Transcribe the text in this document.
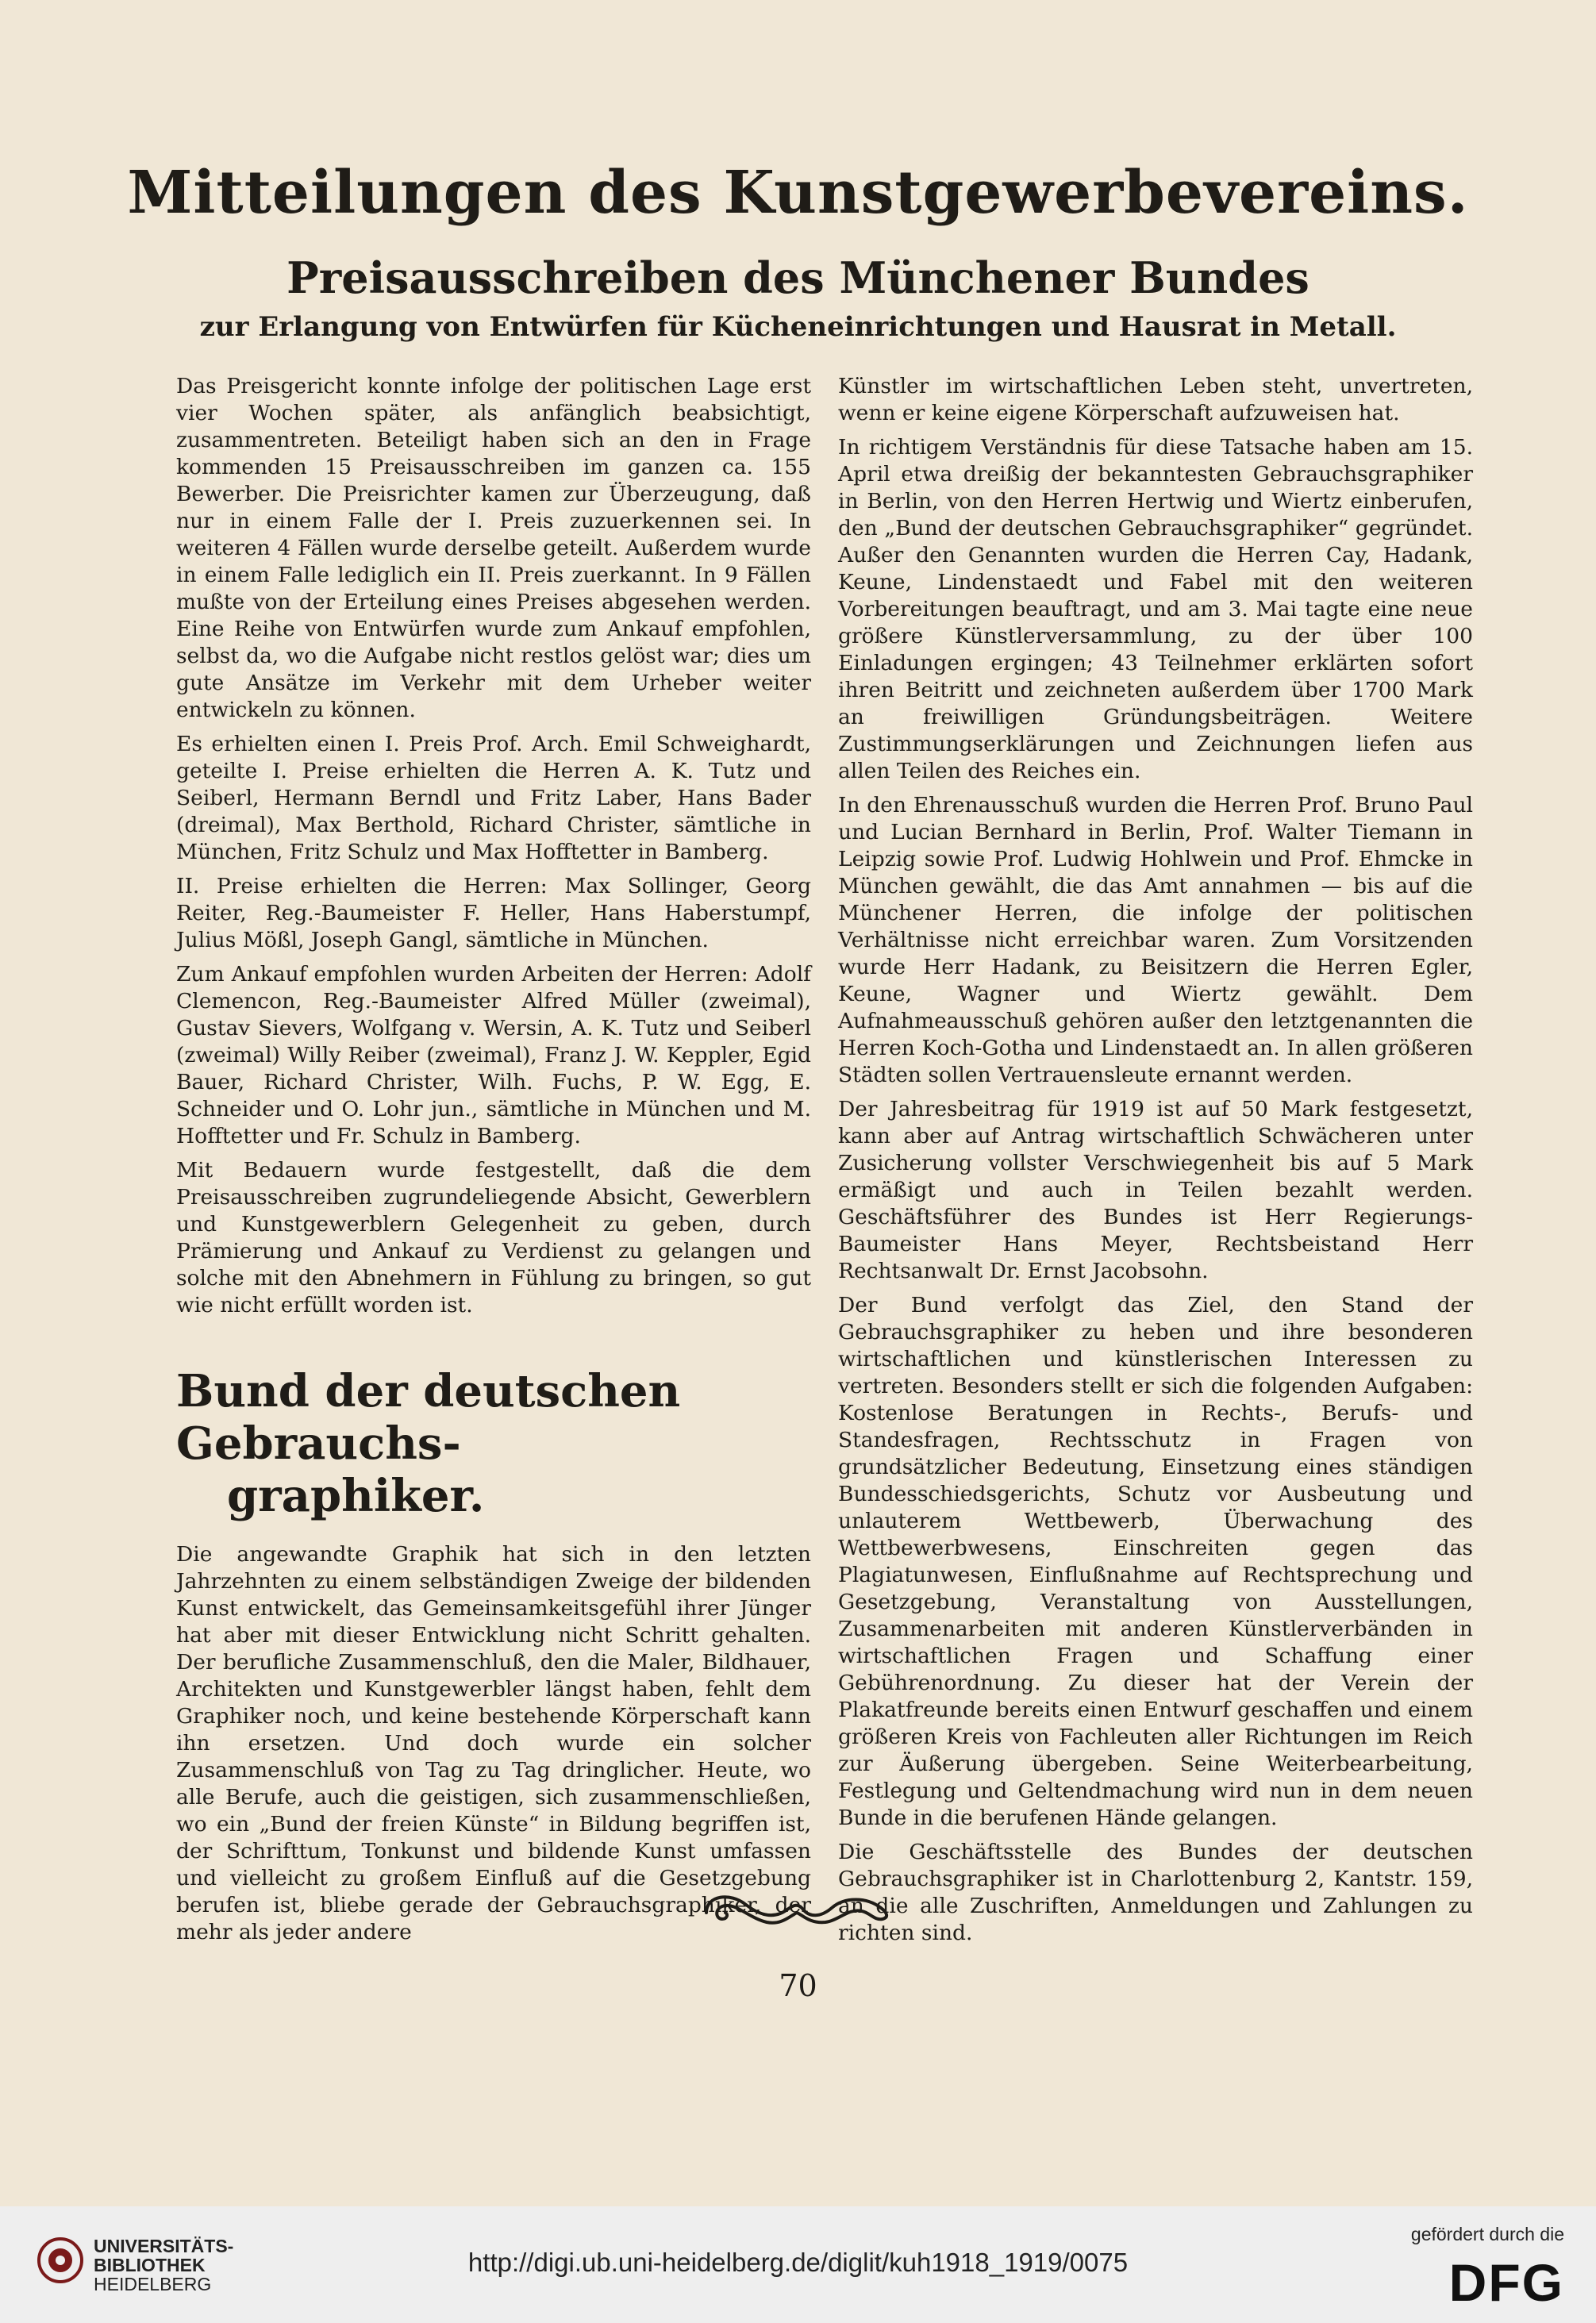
Mitteilungen des Kunstgewerbevereins.
Preisausschreiben des Münchener Bundes
zur Erlangung von Entwürfen für Kücheneinrichtungen und Hausrat in Metall.

Das Preisgericht konnte infolge der politischen Lage erst vier Wochen später, als anfänglich beabsichtigt, zusammentreten. Beteiligt haben sich an den in Frage kommenden 15 Preisausschreiben im ganzen ca. 155 Bewerber. Die Preisrichter kamen zur Überzeugung, daß nur in einem Falle der I. Preis zuzuerkennen sei. In weiteren 4 Fällen wurde derselbe geteilt. Außerdem wurde in einem Falle lediglich ein II. Preis zuerkannt. In 9 Fällen mußte von der Erteilung eines Preises abgesehen werden. Eine Reihe von Entwürfen wurde zum Ankauf empfohlen, selbst da, wo die Aufgabe nicht restlos gelöst war; dies um gute Ansätze im Verkehr mit dem Urheber weiter entwickeln zu können.

Es erhielten einen I. Preis Prof. Arch. Emil Schweighardt, geteilte I. Preise erhielten die Herren A. K. Tutz und Seiberl, Hermann Berndl und Fritz Laber, Hans Bader (dreimal), Max Berthold, Richard Christer, sämtliche in München, Fritz Schulz und Max Hofftetter in Bamberg.

II. Preise erhielten die Herren: Max Sollinger, Georg Reiter, Reg.-Baumeister F. Heller, Hans Haberstumpf, Julius Mößl, Joseph Gangl, sämtliche in München.

Zum Ankauf empfohlen wurden Arbeiten der Herren: Adolf Clemencon, Reg.-Baumeister Alfred Müller (zweimal), Gustav Sievers, Wolfgang v. Wersin, A. K. Tutz und Seiberl (zweimal) Willy Reiber (zweimal), Franz J. W. Keppler, Egid Bauer, Richard Christer, Wilh. Fuchs, P. W. Egg, E. Schneider und O. Lohr jun., sämtliche in München und M. Hofftetter und Fr. Schulz in Bamberg.

Mit Bedauern wurde festgestellt, daß die dem Preisausschreiben zugrundeliegende Absicht, Gewerblern und Kunstgewerblern Gelegenheit zu geben, durch Prämierung und Ankauf zu Verdienst zu gelangen und solche mit den Abnehmern in Fühlung zu bringen, so gut wie nicht erfüllt worden ist.

Bund der deutschen Gebrauchs-
graphiker.

Die angewandte Graphik hat sich in den letzten Jahrzehnten zu einem selbständigen Zweige der bildenden Kunst entwickelt, das Gemeinsamkeitsgefühl ihrer Jünger hat aber mit dieser Entwicklung nicht Schritt gehalten. Der berufliche Zusammenschluß, den die Maler, Bildhauer, Architekten und Kunstgewerbler längst haben, fehlt dem Graphiker noch, und keine bestehende Körperschaft kann ihn ersetzen. Und doch wurde ein solcher Zusammenschluß von Tag zu Tag dringlicher. Heute, wo alle Berufe, auch die geistigen, sich zusammenschließen, wo ein „Bund der freien Künste“ in Bildung begriffen ist, der Schrifttum, Tonkunst und bildende Kunst umfassen und vielleicht zu großem Einfluß auf die Gesetzgebung berufen ist, bliebe gerade der Gebrauchsgraphiker, der mehr als jeder andere

Künstler im wirtschaftlichen Leben steht, unvertreten, wenn er keine eigene Körperschaft aufzuweisen hat.

In richtigem Verständnis für diese Tatsache haben am 15. April etwa dreißig der bekanntesten Gebrauchsgraphiker in Berlin, von den Herren Hertwig und Wiertz einberufen, den „Bund der deutschen Gebrauchsgraphiker“ gegründet. Außer den Genannten wurden die Herren Cay, Hadank, Keune, Lindenstaedt und Fabel mit den weiteren Vorbereitungen beauftragt, und am 3. Mai tagte eine neue größere Künstlerversammlung, zu der über 100 Einladungen ergingen; 43 Teilnehmer erklärten sofort ihren Beitritt und zeichneten außerdem über 1700 Mark an freiwilligen Gründungsbeiträgen. Weitere Zustimmungserklärungen und Zeichnungen liefen aus allen Teilen des Reiches ein.

In den Ehrenausschuß wurden die Herren Prof. Bruno Paul und Lucian Bernhard in Berlin, Prof. Walter Tiemann in Leipzig sowie Prof. Ludwig Hohlwein und Prof. Ehmcke in München gewählt, die das Amt annahmen — bis auf die Münchener Herren, die infolge der politischen Verhältnisse nicht erreichbar waren. Zum Vorsitzenden wurde Herr Hadank, zu Beisitzern die Herren Egler, Keune, Wagner und Wiertz gewählt. Dem Aufnahmeausschuß gehören außer den letztgenannten die Herren Koch-Gotha und Lindenstaedt an. In allen größeren Städten sollen Vertrauensleute ernannt werden.

Der Jahresbeitrag für 1919 ist auf 50 Mark festgesetzt, kann aber auf Antrag wirtschaftlich Schwächeren unter Zusicherung vollster Verschwiegenheit bis auf 5 Mark ermäßigt und auch in Teilen bezahlt werden. Geschäftsführer des Bundes ist Herr Regierungs-Baumeister Hans Meyer, Rechtsbeistand Herr Rechtsanwalt Dr. Ernst Jacobsohn.

Der Bund verfolgt das Ziel, den Stand der Gebrauchsgraphiker zu heben und ihre besonderen wirtschaftlichen und künstlerischen Interessen zu vertreten. Besonders stellt er sich die folgenden Aufgaben: Kostenlose Beratungen in Rechts-, Berufs- und Standesfragen, Rechtsschutz in Fragen von grundsätzlicher Bedeutung, Einsetzung eines ständigen Bundesschiedsgerichts, Schutz vor Ausbeutung und unlauterem Wettbewerb, Überwachung des Wettbewerbwesens, Einschreiten gegen das Plagiatunwesen, Einflußnahme auf Rechtsprechung und Gesetzgebung, Veranstaltung von Ausstellungen, Zusammenarbeiten mit anderen Künstlerverbänden in wirtschaftlichen Fragen und Schaffung einer Gebührenordnung. Zu dieser hat der Verein der Plakatfreunde bereits einen Entwurf geschaffen und einem größeren Kreis von Fachleuten aller Richtungen im Reich zur Äußerung übergeben. Seine Weiterbearbeitung, Festlegung und Geltendmachung wird nun in dem neuen Bunde in die berufenen Hände gelangen.

Die Geschäftsstelle des Bundes der deutschen Gebrauchsgraphiker ist in Charlottenburg 2, Kantstr. 159, an die alle Zuschriften, Anmeldungen und Zahlungen zu richten sind.

70
UNIVERSITÄTS-
BIBLIOTHEK
HEIDELBERG
http://digi.ub.uni-heidelberg.de/diglit/kuh1918_1919/0075
gefördert durch die
DFG
